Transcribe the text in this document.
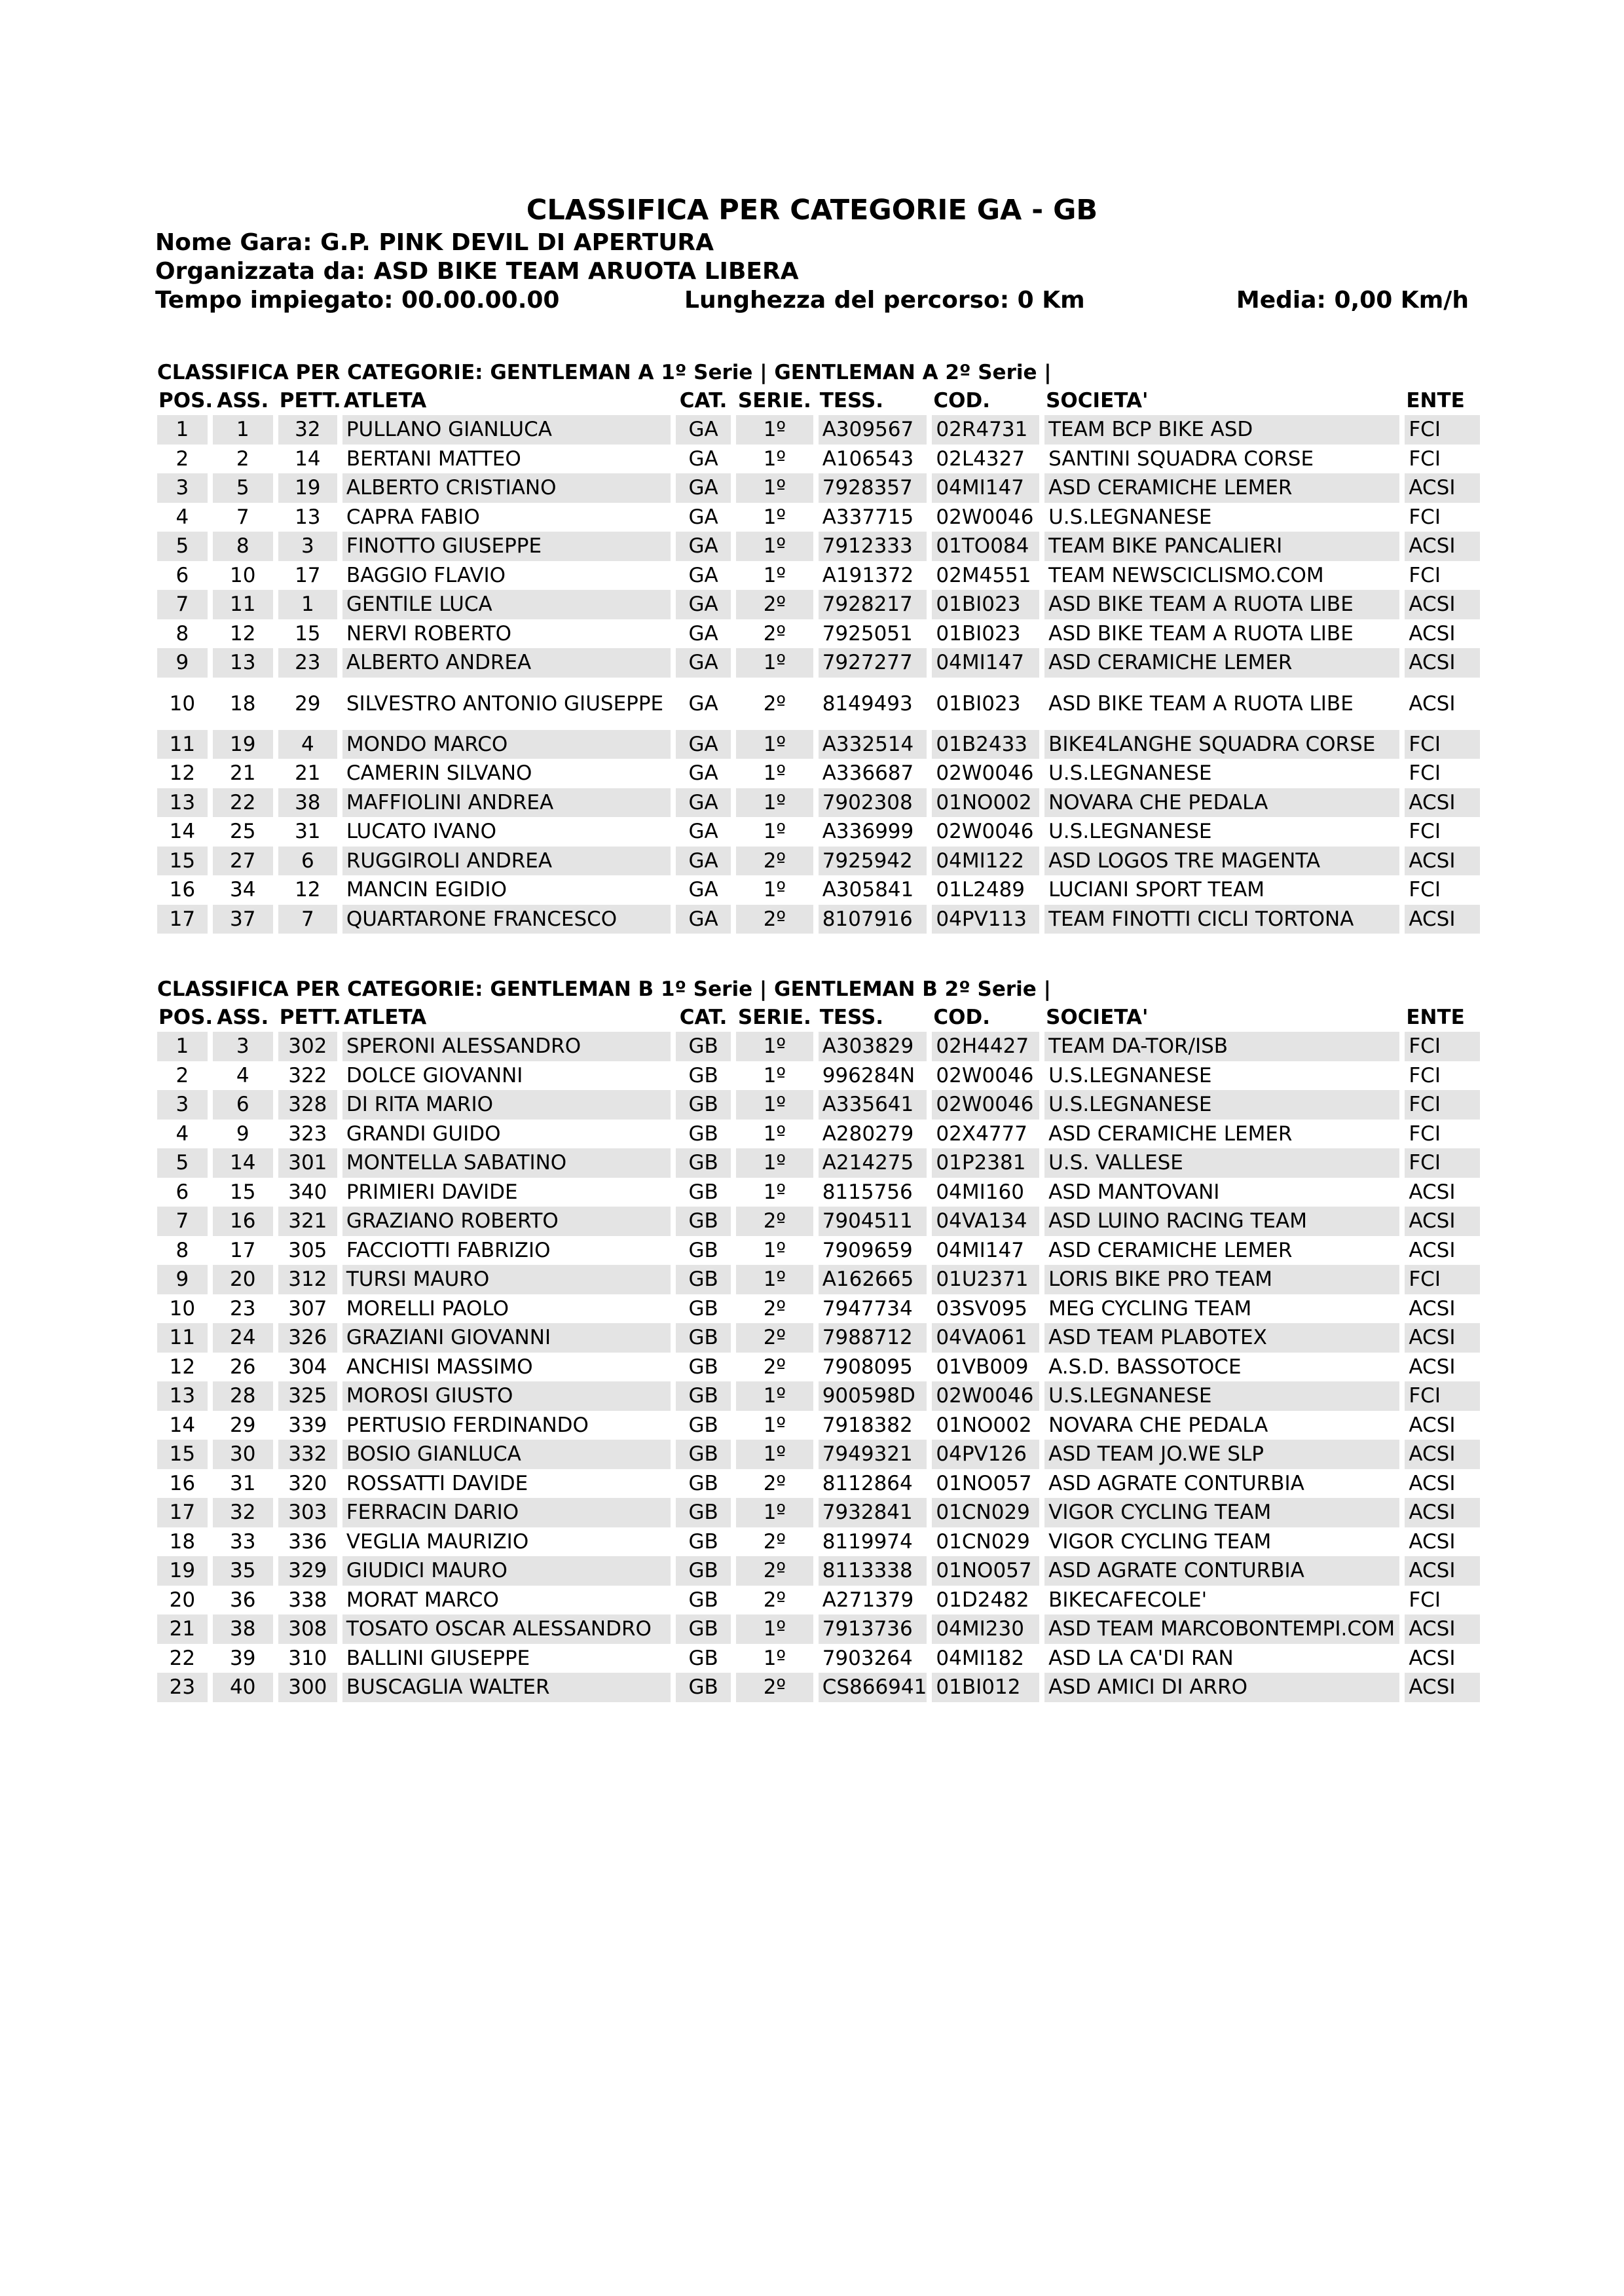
CLASSIFICA PER CATEGORIE GA - GB
Nome Gara: G.P. PINK DEVIL DI APERTURA
Organizzata da: ASD BIKE TEAM ARUOTA LIBERA
Tempo impiegato: 00.00.00.00	Lunghezza del percorso: 0 Km	Media: 0,00 Km/h
CLASSIFICA PER CATEGORIE: GENTLEMAN A 1º Serie | GENTLEMAN A 2º Serie |
POS.	ASS.	PETT.	ATLETA	CAT.	SERIE.	TESS.	COD.	SOCIETA'	ENTE
1	1	32	PULLANO GIANLUCA	GA	1º	A309567	02R4731	TEAM BCP BIKE ASD	FCI
2	2	14	BERTANI MATTEO	GA	1º	A106543	02L4327	SANTINI SQUADRA CORSE	FCI
3	5	19	ALBERTO CRISTIANO	GA	1º	7928357	04MI147	ASD CERAMICHE LEMER	ACSI
4	7	13	CAPRA FABIO	GA	1º	A337715	02W0046	U.S.LEGNANESE	FCI
5	8	3	FINOTTO GIUSEPPE	GA	1º	7912333	01TO084	TEAM BIKE PANCALIERI	ACSI
6	10	17	BAGGIO FLAVIO	GA	1º	A191372	02M4551	TEAM NEWSCICLISMO.COM	FCI
7	11	1	GENTILE LUCA	GA	2º	7928217	01BI023	ASD BIKE TEAM A RUOTA LIBE	ACSI
8	12	15	NERVI ROBERTO	GA	2º	7925051	01BI023	ASD BIKE TEAM A RUOTA LIBE	ACSI
9	13	23	ALBERTO ANDREA	GA	1º	7927277	04MI147	ASD CERAMICHE LEMER	ACSI
10	18	29	SILVESTRO ANTONIO GIUSEPPE	GA	2º	8149493	01BI023	ASD BIKE TEAM A RUOTA LIBE	ACSI
11	19	4	MONDO MARCO	GA	1º	A332514	01B2433	BIKE4LANGHE SQUADRA CORSE	FCI
12	21	21	CAMERIN SILVANO	GA	1º	A336687	02W0046	U.S.LEGNANESE	FCI
13	22	38	MAFFIOLINI ANDREA	GA	1º	7902308	01NO002	NOVARA CHE PEDALA	ACSI
14	25	31	LUCATO IVANO	GA	1º	A336999	02W0046	U.S.LEGNANESE	FCI
15	27	6	RUGGIROLI ANDREA	GA	2º	7925942	04MI122	ASD LOGOS TRE MAGENTA	ACSI
16	34	12	MANCIN EGIDIO	GA	1º	A305841	01L2489	LUCIANI SPORT TEAM	FCI
17	37	7	QUARTARONE FRANCESCO	GA	2º	8107916	04PV113	TEAM FINOTTI CICLI TORTONA	ACSI
CLASSIFICA PER CATEGORIE: GENTLEMAN B 1º Serie | GENTLEMAN B 2º Serie |
POS.	ASS.	PETT.	ATLETA	CAT.	SERIE.	TESS.	COD.	SOCIETA'	ENTE
1	3	302	SPERONI ALESSANDRO	GB	1º	A303829	02H4427	TEAM DA-TOR/ISB	FCI
2	4	322	DOLCE GIOVANNI	GB	1º	996284N	02W0046	U.S.LEGNANESE	FCI
3	6	328	DI RITA MARIO	GB	1º	A335641	02W0046	U.S.LEGNANESE	FCI
4	9	323	GRANDI GUIDO	GB	1º	A280279	02X4777	ASD CERAMICHE LEMER	FCI
5	14	301	MONTELLA SABATINO	GB	1º	A214275	01P2381	U.S. VALLESE	FCI
6	15	340	PRIMIERI DAVIDE	GB	1º	8115756	04MI160	ASD MANTOVANI	ACSI
7	16	321	GRAZIANO ROBERTO	GB	2º	7904511	04VA134	ASD LUINO RACING TEAM	ACSI
8	17	305	FACCIOTTI FABRIZIO	GB	1º	7909659	04MI147	ASD CERAMICHE LEMER	ACSI
9	20	312	TURSI MAURO	GB	1º	A162665	01U2371	LORIS BIKE PRO TEAM	FCI
10	23	307	MORELLI PAOLO	GB	2º	7947734	03SV095	MEG CYCLING TEAM	ACSI
11	24	326	GRAZIANI GIOVANNI	GB	2º	7988712	04VA061	ASD TEAM PLABOTEX	ACSI
12	26	304	ANCHISI MASSIMO	GB	2º	7908095	01VB009	A.S.D. BASSOTOCE	ACSI
13	28	325	MOROSI GIUSTO	GB	1º	900598D	02W0046	U.S.LEGNANESE	FCI
14	29	339	PERTUSIO FERDINANDO	GB	1º	7918382	01NO002	NOVARA CHE PEDALA	ACSI
15	30	332	BOSIO GIANLUCA	GB	1º	7949321	04PV126	ASD TEAM JO.WE SLP	ACSI
16	31	320	ROSSATTI DAVIDE	GB	2º	8112864	01NO057	ASD AGRATE CONTURBIA	ACSI
17	32	303	FERRACIN DARIO	GB	1º	7932841	01CN029	VIGOR CYCLING TEAM	ACSI
18	33	336	VEGLIA MAURIZIO	GB	2º	8119974	01CN029	VIGOR CYCLING TEAM	ACSI
19	35	329	GIUDICI MAURO	GB	2º	8113338	01NO057	ASD AGRATE CONTURBIA	ACSI
20	36	338	MORAT MARCO	GB	2º	A271379	01D2482	BIKECAFECOLE'	FCI
21	38	308	TOSATO OSCAR ALESSANDRO	GB	1º	7913736	04MI230	ASD TEAM MARCOBONTEMPI.COM	ACSI
22	39	310	BALLINI GIUSEPPE	GB	1º	7903264	04MI182	ASD LA CA'DI RAN	ACSI
23	40	300	BUSCAGLIA WALTER	GB	2º	CS866941	01BI012	ASD AMICI DI ARRO	ACSI
